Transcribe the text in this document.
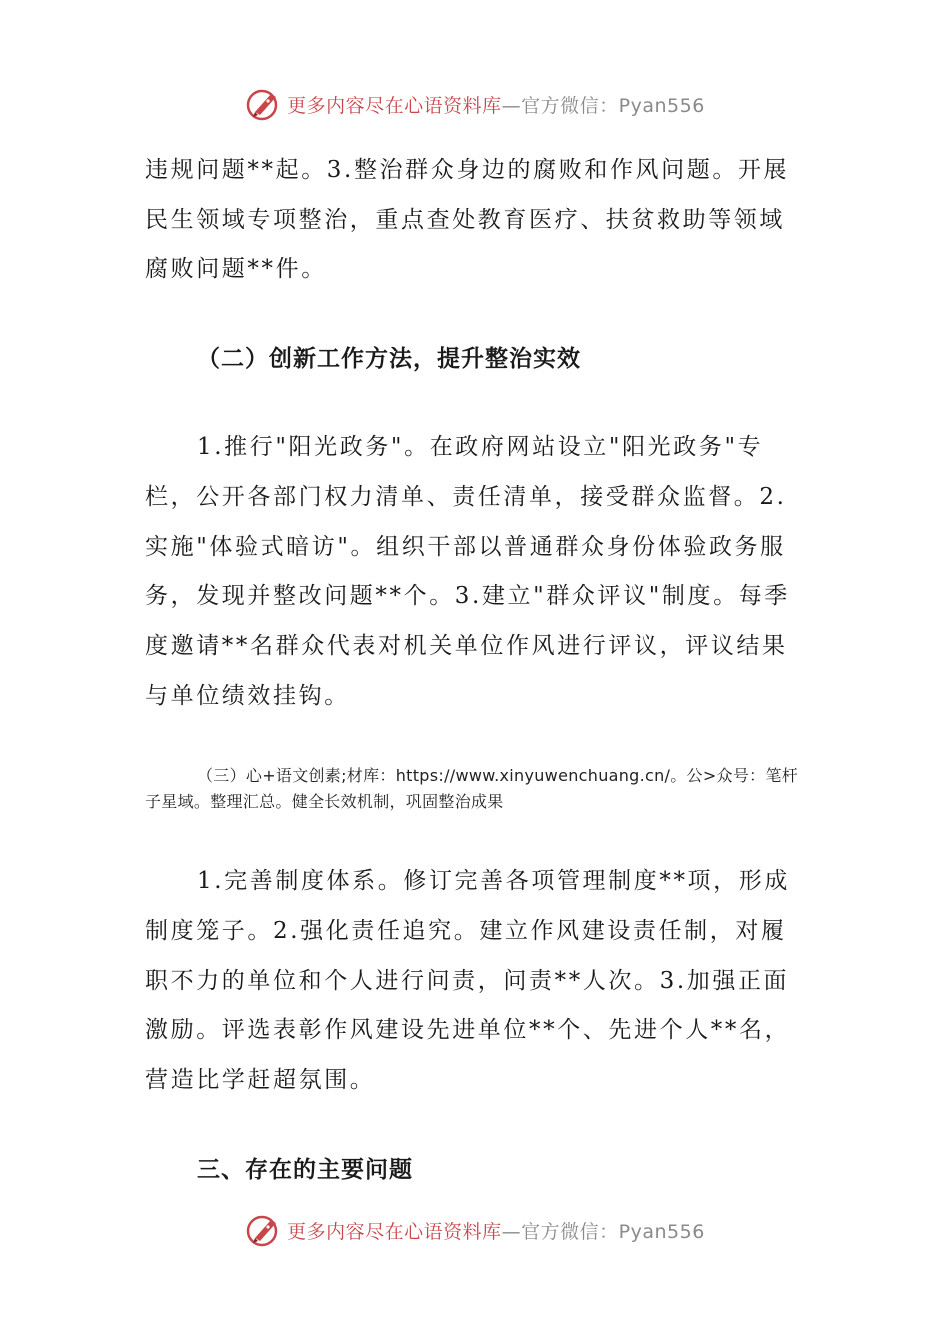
更多内容尽在心语资料库 —官方微信：Pyan556

违规问题**起。3.整治群众身边的腐败和作风问题。开展民生领域专项整治，重点查处教育医疗、扶贫救助等领域腐败问题**件。

（二）创新工作方法，提升整治实效

1.推行"阳光政务"。在政府网站设立"阳光政务"专栏，公开各部门权力清单、责任清单，接受群众监督。2.实施"体验式暗访"。组织干部以普通群众身份体验政务服务，发现并整改问题**个。3.建立"群众评议"制度。每季度邀请**名群众代表对机关单位作风进行评议，评议结果与单位绩效挂钩。

（三）心+语文创素;材库：https://www.xinyuwenchuang.cn/。公>众号：笔杆子星域。整理汇总。健全长效机制，巩固整治成果

1.完善制度体系。修订完善各项管理制度**项，形成制度笼子。2.强化责任追究。建立作风建设责任制，对履职不力的单位和个人进行问责，问责**人次。3.加强正面激励。评选表彰作风建设先进单位**个、先进个人**名，营造比学赶超氛围。

三、存在的主要问题

更多内容尽在心语资料库 —官方微信：Pyan556
